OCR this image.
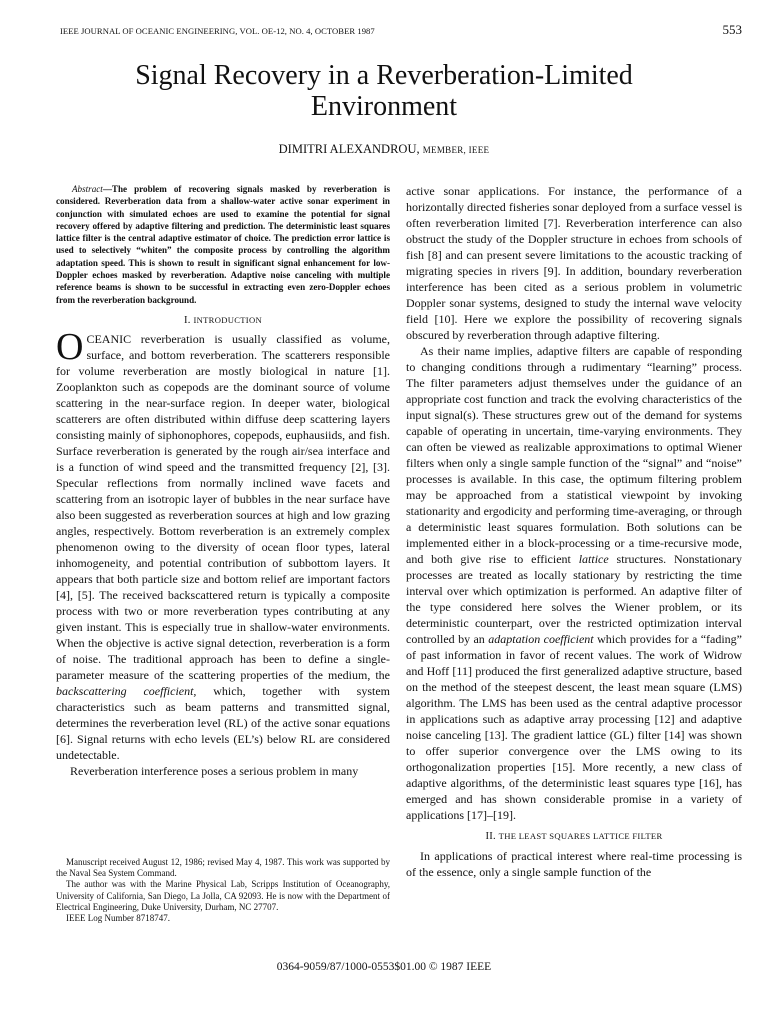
IEEE JOURNAL OF OCEANIC ENGINEERING, VOL. OE-12, NO. 4, OCTOBER 1987	553
Signal Recovery in a Reverberation-Limited
Environment
DIMITRI ALEXANDROU, MEMBER, IEEE

Abstract—The problem of recovering signals masked by reverberation is considered. Reverberation data from a shallow-water active sonar experiment in conjunction with simulated echoes are used to examine the potential for signal recovery offered by adaptive filtering and prediction. The deterministic least squares lattice filter is the central adaptive estimator of choice. The prediction error lattice is used to selectively “whiten” the composite process by controlling the algorithm adaptation speed. This is shown to result in significant signal enhancement for low-Doppler echoes masked by reverberation. Adaptive noise canceling with multiple reference beams is shown to be successful in extracting even zero-Doppler echoes from the reverberation background.

I. INTRODUCTION

OCEANIC reverberation is usually classified as volume, surface, and bottom reverberation. The scatterers responsible for volume reverberation are mostly biological in nature [1]. Zooplankton such as copepods are the dominant source of volume scattering in the near-surface region. In deeper water, biological scatterers are often distributed within diffuse deep scattering layers consisting mainly of siphonophores, copepods, euphausiids, and fish. Surface reverberation is generated by the rough air/sea interface and is a function of wind speed and the transmitted frequency [2], [3]. Specular reflections from normally inclined wave facets and scattering from an isotropic layer of bubbles in the near surface have also been suggested as reverberation sources at high and low grazing angles, respectively. Bottom reverberation is an extremely complex phenomenon owing to the diversity of ocean floor types, lateral inhomogeneity, and potential contribution of subbottom layers. It appears that both particle size and bottom relief are important factors [4], [5]. The received backscattered return is typically a composite process with two or more reverberation types contributing at any given instant. This is especially true in shallow-water environments. When the objective is active signal detection, reverberation is a form of noise. The traditional approach has been to define a single-parameter measure of the scattering properties of the medium, the backscattering coefficient, which, together with system characteristics such as beam patterns and transmitted signal, determines the reverberation level (RL) of the active sonar equations [6]. Signal returns with echo levels (EL’s) below RL are considered undetectable.

Reverberation interference poses a serious problem in many

Manuscript received August 12, 1986; revised May 4, 1987. This work was supported by the Naval Sea System Command.

The author was with the Marine Physical Lab, Scripps Institution of Oceanography, University of California, San Diego, La Jolla, CA 92093. He is now with the Department of Electrical Engineering, Duke University, Durham, NC 27707.

IEEE Log Number 8718747.

active sonar applications. For instance, the performance of a horizontally directed fisheries sonar deployed from a surface vessel is often reverberation limited [7]. Reverberation interference can also obstruct the study of the Doppler structure in echoes from schools of fish [8] and can present severe limitations to the acoustic tracking of migrating species in rivers [9]. In addition, boundary reverberation interference has been cited as a serious problem in volumetric Doppler sonar systems, designed to study the internal wave velocity field [10]. Here we explore the possibility of recovering signals obscured by reverberation through adaptive filtering.

As their name implies, adaptive filters are capable of responding to changing conditions through a rudimentary “learning” process. The filter parameters adjust themselves under the guidance of an appropriate cost function and track the evolving characteristics of the input signal(s). These structures grew out of the demand for systems capable of operating in uncertain, time-varying environments. They can often be viewed as realizable approximations to optimal Wiener filters when only a single sample function of the “signal” and “noise” processes is available. In this case, the optimum filtering problem may be approached from a statistical viewpoint by invoking stationarity and ergodicity and performing time-averaging, or through a deterministic least squares formulation. Both solutions can be implemented either in a block-processing or a time-recursive mode, and both give rise to efficient lattice structures. Nonstationary processes are treated as locally stationary by restricting the time interval over which optimization is performed. An adaptive filter of the type considered here solves the Wiener problem, or its deterministic counterpart, over the restricted optimization interval controlled by an adaptation coefficient which provides for a “fading” of past information in favor of recent values. The work of Widrow and Hoff [11] produced the first generalized adaptive structure, based on the method of the steepest descent, the least mean square (LMS) algorithm. The LMS has been used as the central adaptive processor in applications such as adaptive array processing [12] and adaptive noise canceling [13]. The gradient lattice (GL) filter [14] was shown to offer superior convergence over the LMS owing to its orthogonalization properties [15]. More recently, a new class of adaptive algorithms, of the deterministic least squares type [16], has emerged and has shown considerable promise in a variety of applications [17]–[19].

II. THE LEAST SQUARES LATTICE FILTER

In applications of practical interest where real-time processing is of the essence, only a single sample function of the

0364-9059/87/1000-0553$01.00 © 1987 IEEE
